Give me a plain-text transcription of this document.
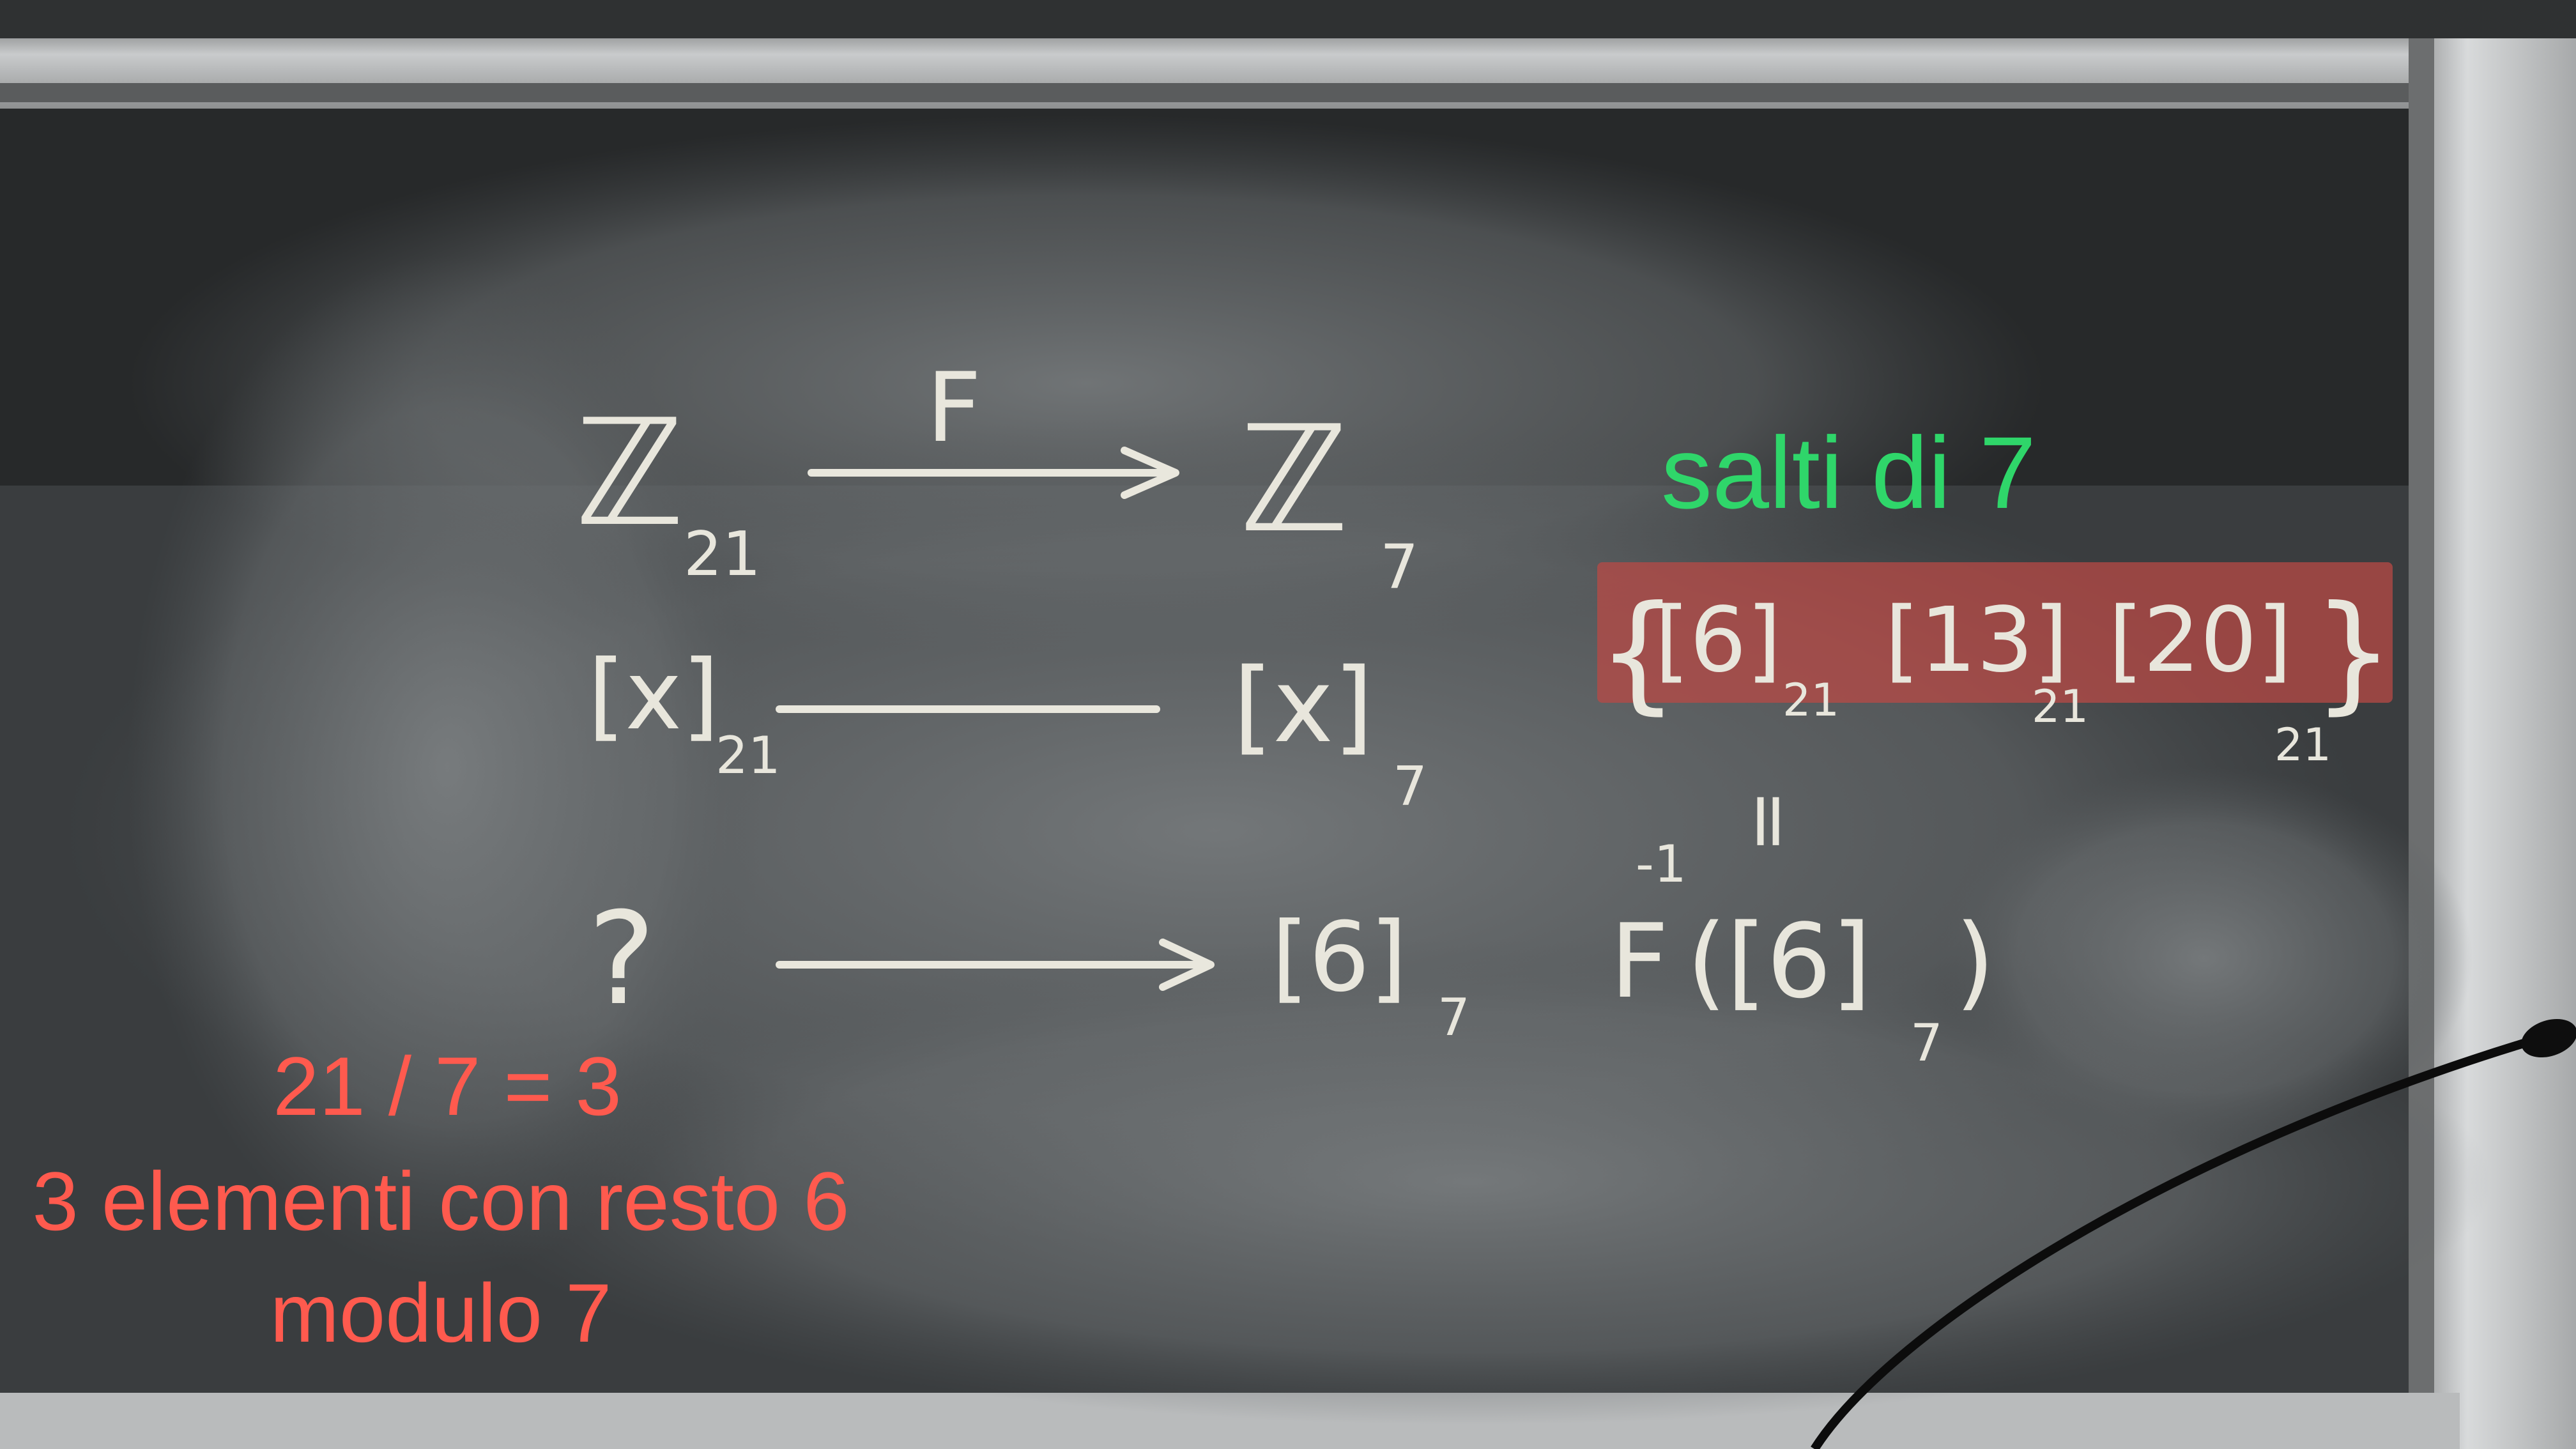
ℤ
21
F ℤ
7
[x]
21	[x]
7
?	[6]
7 F
-1
([6]
7
)
{
[6]
21
[13]
21
[20]
21
}
=
salti di 7
21 / 7 = 3
3 elementi con resto 6
modulo 7
